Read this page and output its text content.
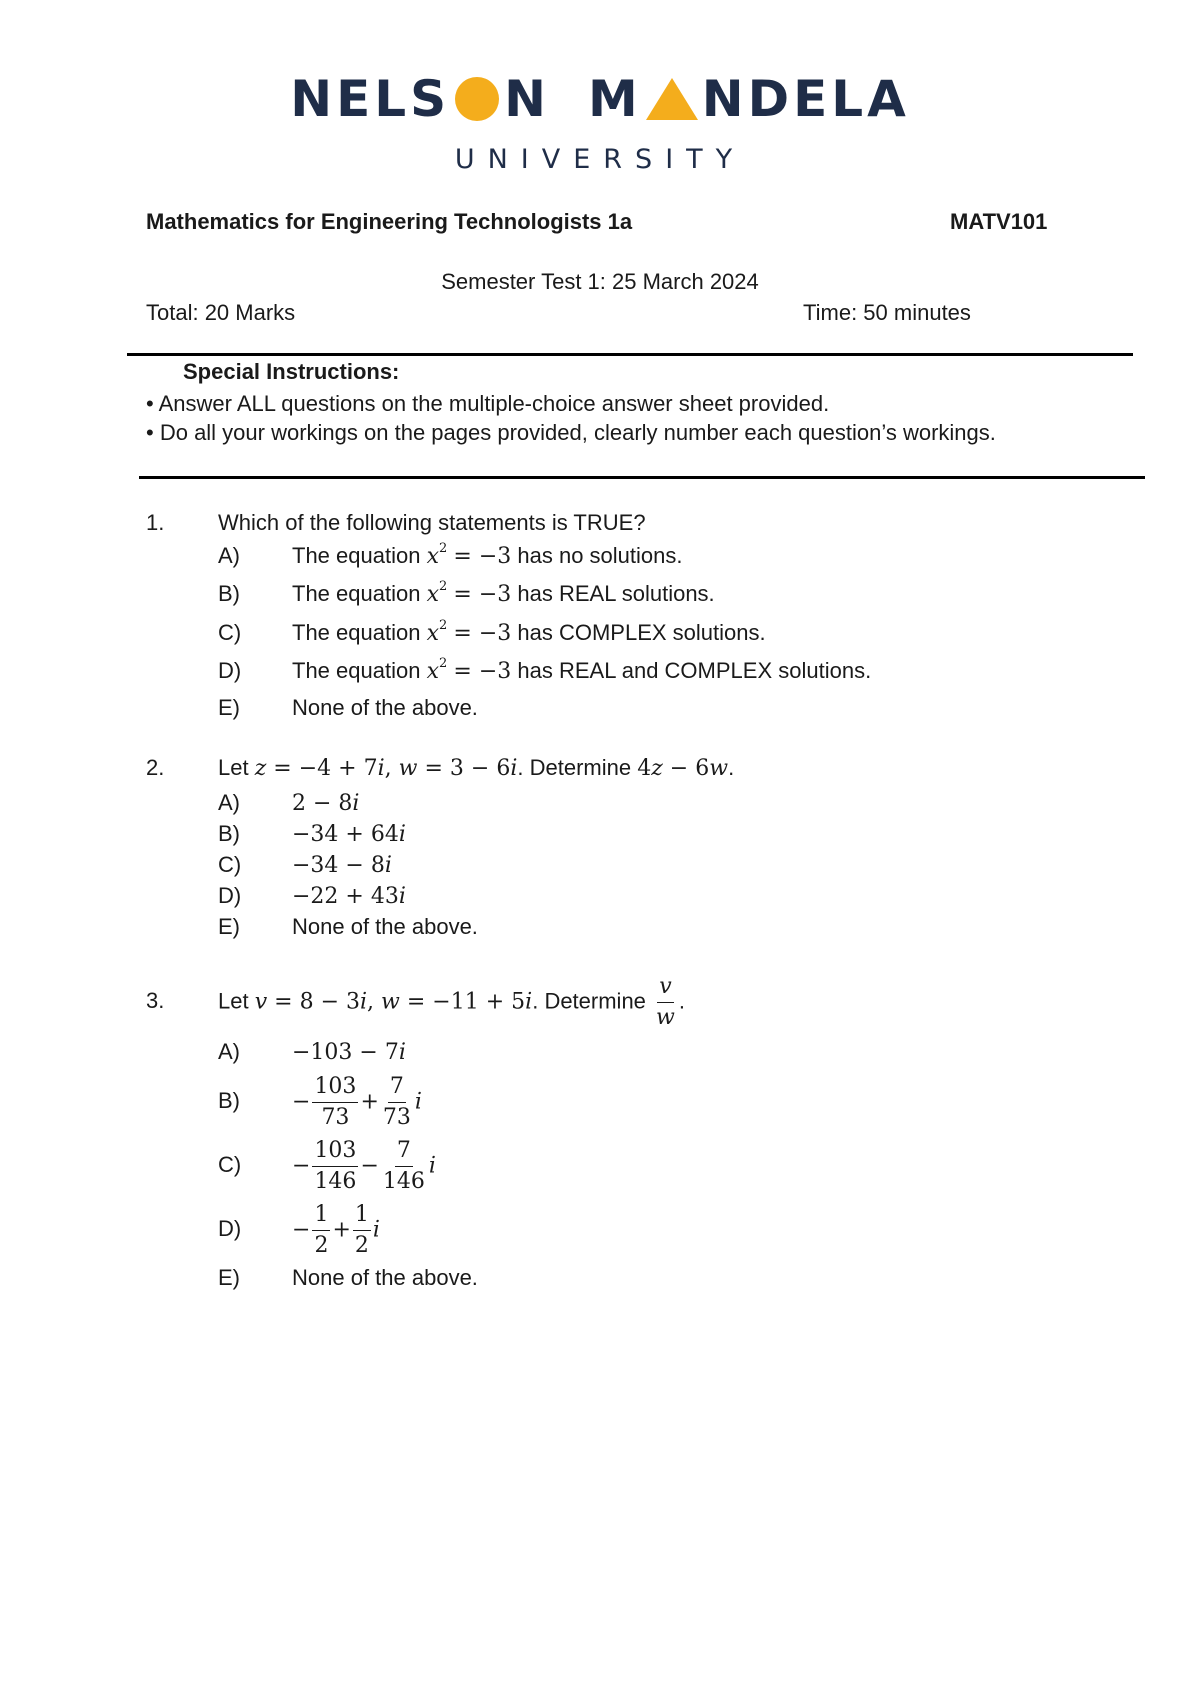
NELS N M NDELA
UNIVERSITY
Mathematics for Engineering Technologists 1a	MATV101
Semester Test 1: 25 March 2024
Total: 20 Marks	Time: 50 minutes
Special Instructions:
• Answer ALL questions on the multiple-choice answer sheet provided.
• Do all your workings on the pages provided, clearly number each question’s workings.
1. Which of the following statements is TRUE?
A) The equation $x^2 = -3$ has no solutions.
B) The equation $x^2 = -3$ has REAL solutions.
C) The equation $x^2 = -3$ has COMPLEX solutions.
D) The equation $x^2 = -3$ has REAL and COMPLEX solutions.
E) None of the above.
2. Let z = −4 + 7i, w = 3 − 6i. Determine 4z − 6w.
A) 2 − 8i
B) −34 + 64i
C) −34 − 8i
D) −22 + 43i
E) None of the above.
3. Let v = 8 − 3i, w = −11 + 5i. Determine $\frac{v}{w}$ .
A) −103 − 7i
$B) - \frac{103}{73} + \frac{7}{73}$ i
$C) - \frac{103}{146} - \frac{7}{146}$ i
$D) - \frac{1}{2} + \frac{1}{2}$ i
E) None of the above.
